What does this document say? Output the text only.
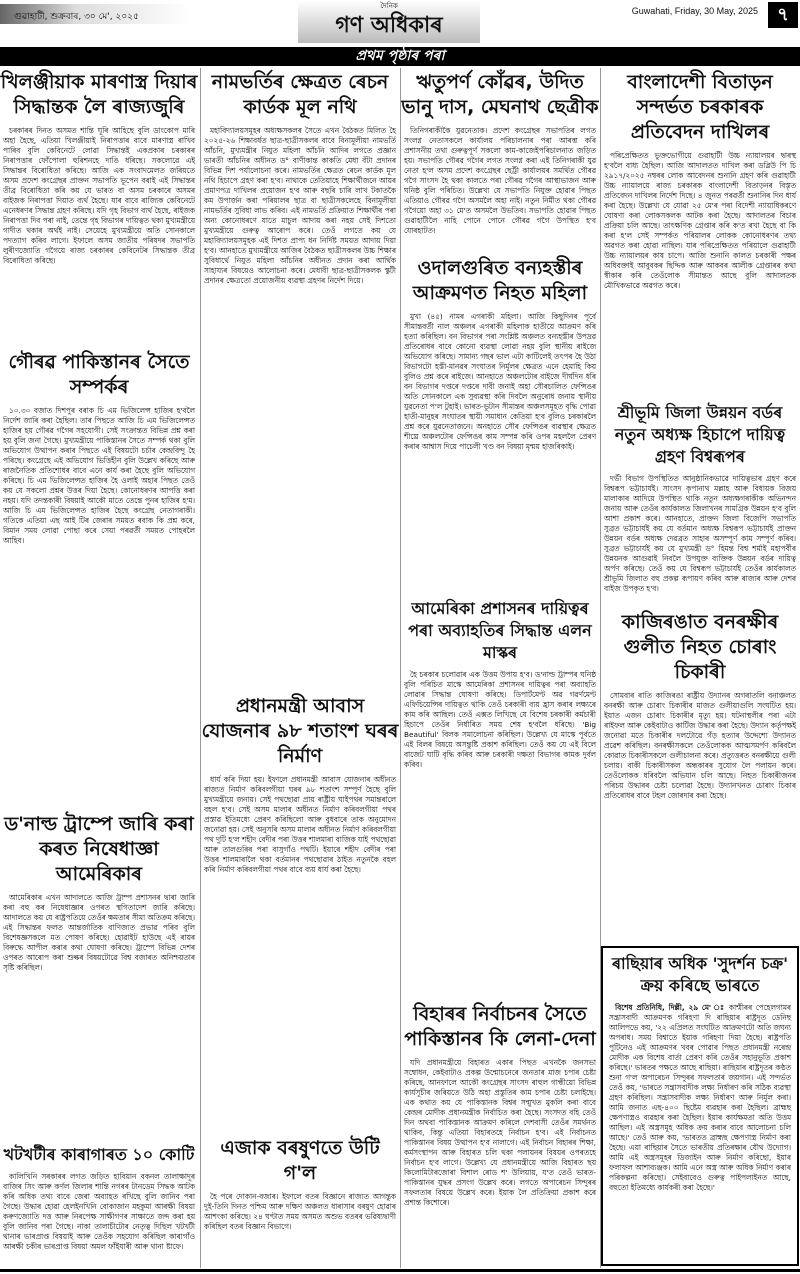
গুৱাহাটী, শুক্ৰবাৰ, ৩০ মে', ২০২৫
দৈনিক
গণ অধিকাৰ
Guwahati, Friday, 30 May, 2025	৭
প্ৰথম পৃষ্ঠাৰ পৰা
খিলঞ্জীয়াক মাৰণাস্ত্ৰ দিয়াৰ সিদ্ধান্তক লৈ ৰাজ্যজুৰি

চৰকাৰৰ দিনত অসমত শান্তি ঘূৰি আহিছে বুলি ডাংকোপ মাৰি অহা হৈছে, এতিয়া খিলঞ্জীয়াই নিৰাপত্তাৰ বাবে মাৰণাস্ত্ৰ ৰাখিব পাৰিব বুলি কেবিনেটে লোৱা সিদ্ধান্তই একপ্ৰকাৰ চৰকাৰৰ নিৰাপত্তাৰ ফোঁপোলা হুৰিশনহে দাঙি ধৰিছে। সকলোৱে এই সিদ্ধান্তৰ বিৰোধিতা কৰিছে। আজি এক সংবাদমেলত জৰিয়তে অসম প্ৰদেশ কংগ্ৰেছৰ প্ৰাক্তন সভাপতি ভূপেন বৰাই এই সিদ্ধান্তৰ তীব্ৰ বিৰোধিতা কৰি কয় যে ভাৰত বা অসম চৰকাৰে অসমৰ বাইজক নিৰাপত্তা দিয়াত ব্যৰ্থ হৈছে। যাৰ বাবে ৰাজ্যিক কেবিনেটে এনেধৰণৰ সিদ্ধান্ত গ্ৰহণ কৰিছে। যদি গৃহ বিভাগ ব্যৰ্থ হৈছে, ৰাইজক নিৰাপত্তা দিব পৰা নাই, তেন্তে গৃহ বিভাগৰ দায়িত্বত থকা মুখ্যমন্ত্ৰীয়ে গাদীত থকাৰ অৰ্থই নাই। সেয়েহে মুখ্যমন্ত্ৰীয়ে অতি সোনকালে পদত্যাগ কৰিব লাগে। ইফালে অসম জাতীয় পৰিষদৰ সভাপতি লুৰীণজ্যোতি গগৈয়ে ৰাজ্য চৰকাৰৰ কেবিনেটৰ সিদ্ধান্তক তীব্ৰ বিৰোধিতা কৰিছে।

গৌৰৱ পাকিস্তানৰ সৈতে সম্পৰ্কৰ

১০.৩০ বজাত দিশপুৰ বৰাক চি এম ভিজিলেন্স হাজিৰ হ'বলৈ নিৰ্দেশ জাৰি কৰা হৈছিল। তাৰ পিছতে আজি চি এম ভিজিলেন্সত হাজিৰ হয় গৌৰৱ গগৈৰ সহযোগী। সেই সংক্ৰান্তত বিভিন্ন প্ৰশ্ন কৰা হয় বুলি জনা গৈছে। মুখ্যমন্ত্ৰীয়ে পাকিস্তানৰ সৈতে সম্পৰ্ক থকা বুলি অভিযোগ উত্থাপন কৰাৰ পিছতে এই বিষয়টো চৰ্চাৰ কেন্দ্ৰবিন্দু হৈ পৰিছে। কংগ্ৰেছে এই অভিযোগ ভিত্তিহীন বুলি উল্লেখ কৰিছে আৰু ৰাজনৈতিক প্ৰতিশোধৰ বাবে এনে কাৰ্য কৰা হৈছে বুলি অভিযোগ কৰিছে। চি এম ভিজিলেন্সত হাজিৰ হৈ ওলাই অহাৰ পিছত তেওঁ কয় যে সকলো প্ৰশ্নৰ উত্তৰ দিয়া হৈছে। কোনোধৰণৰ আপত্তি কৰা নহয়। যদি তদন্তকাৰী বিষয়াই আকৌ মাতে তেন্তে পুনৰ হাজিৰ হ'ম। আজি চি এম ভিজিলেন্সত হাজিৰ হৈছে কংগ্ৰেছ নেতাগৰাকী। গতিকে এতিয়া এছ আই টিৰ জেৰাৰ সময়ত ৰবাক কি প্ৰশ্ন কৰে, বিমান সময় লোৱা পোছা কৰে সেয়া পৰৱৰ্তী সময়ত পোহৰলৈ আহিব।

ড'নাল্ড ট্ৰাম্পে জাৰি কৰা কৰত নিষেধাজ্ঞা আমেৰিকাৰ

আমেৰিকাৰ এখন আদালতে আজি ট্ৰাম্প প্ৰশাসনৰ দ্বাৰা জাৰি কৰা বহু কৰ নিষেধাজ্ঞাৰ ওপৰত স্থগিতাদেশ জাৰি কৰিছে। আদালতে কয় যে ৰাষ্ট্ৰপতিয়ে তেওঁৰ ক্ষমতাৰ সীমা অতিক্ৰম কৰিছে। এই সিদ্ধান্তৰ ফলত আন্তৰ্জাতিক বাণিজ্যত প্ৰভাৱ পৰিব বুলি বিশেষজ্ঞসকলে মত পোষণ কৰিছে। হোৱাইট হাউছে এই ৰায়ৰ বিৰুদ্ধে আপীল কৰাৰ কথা ঘোষণা কৰিছে। ট্ৰাম্পে বিভিন্ন দেশৰ ওপৰত আৰোপ কৰা শুল্কৰ বিষয়টোৱে বিশ্ব বজাৰত অনিশ্চয়তাৰ সৃষ্টি কৰিছিল।

খটখটীৰ কাৰাগাৰত ১০ কোটি

কালিখিনি সৰকাৰৰ লগত জড়িত হাবিয়ান বকনল তালাক্ষাদূৰ বাজিৰ সিং আৰু কৰ্ণল জিলাৰ শান্তি নগৰৰ টানডেম সিদ্ধক আটক কৰি অধিক তথ্য বাবে জেৰা অব্যাহত ৰখিছে বুলি জানিব পৰা গৈছে। উদ্ধাৰ হোৱা হেলইনখিনি বোকাজান মহকুমা আৰক্ষী বিষয়া কৰুণজ্যোতি দত্ত আৰু নিৰপেক্ষ সাক্ষীগণৰ সাক্ষাতে জব্দ কৰা হয় বুলি জানিব পৰা গৈছে। নাকা তালাচীটোৰ নেতৃত্ব দিছিল খটখটী থানাৰ ভাৰপ্ৰাপ্ত বিষয়াই আৰু তেওঁক সহযোগ কৰিছিল কাৰাগাঁও আৰক্ষী চকীৰ ভাৰপ্ৰাপ্ত বিষয়া অমল ফাঁইযাৰী আৰু থানা ষ্টাফে।

নামভৰ্তিৰ ক্ষেত্ৰত ৰেচন কাৰ্ডক মূল নথি

মহাবিদ্যালয়সমূহৰ অধ্যক্ষসকলৰ সৈতে এখন বৈঠকত মিলিত হৈ ২০২৫-২৬ শিক্ষাবৰ্ষত ছাত্ৰ-ছাত্ৰীসকলৰ বাবে বিনামূলীয়া নামভৰ্তি আঁচনি, মুখ্যমন্ত্ৰীৰ নিযুত মহিলা আঁচনি আদিৰ লগতে প্ৰজ্ঞান ভাৰতী আঁচনিৰ অধীনত ড° বাণীকান্ত কাকতি মেধা বঁটা প্ৰদানৰ বিভিন্ন দিশ পৰ্যালোচনা কৰে। নামভৰ্তিৰ ক্ষেত্ৰত ৰেচন কাৰ্ডক মূল নথি হিচাপে গ্ৰহণ কৰা হ'ব। নাথাকে তেতিয়াহে শিক্ষাৰ্থীজনে আয়ৰ প্ৰমাণপত্ৰ দাখিলৰ প্ৰয়োজন হ'ব আৰু বছৰি চাৰি লাখ টকাতকৈ কম উপাৰ্জন কৰা পৰিয়ালৰ ছাত্ৰ বা ছাত্ৰীসকলেহে বিনামূলীয়া নামভৰ্তিৰ সুবিধা লাভ কৰিব। এই নামভৰ্তি প্ৰক্ৰিয়াত শিক্ষাৰ্থীৰ পৰা অন্য কোনোধৰণে যাতে মাচুল আদায় কৰা নহয় সেই দিশতো মুখ্যমন্ত্ৰীয়ে গুৰুত্ব আৰোপ কৰে। তেওঁ লগতে কয় যে মহাবিদ্যালয়সমূহক এই দিশত প্ৰাপ্য ধন নিৰ্দিষ্ট সময়ত আদায় দিয়া হ'ব। আনহাতে মুখ্যমন্ত্ৰীয়ে আজিৰ বৈঠকত ছাত্ৰীসকলৰ উচ্চ শিক্ষাৰ সুবিধাৰ্থে নিযুত মহিলা আঁচনিৰ অধীনত প্ৰদান কৰা আৰ্থিক সাহায্যৰ বিষয়েও আলোচনা কৰে। মেধাবী ছাত্ৰ-ছাত্ৰীসকলক স্কুটী প্ৰদানৰ ক্ষেত্ৰতো প্ৰয়োজনীয় ব্যৱস্থা গ্ৰহণৰ নিৰ্দেশ দিয়ে।

প্ৰধানমন্ত্ৰী আবাস যোজনাৰ ৯৮ শতাংশ ঘৰৰ নিৰ্মাণ

ধাৰ্য কৰি দিয়া হয়। ইফালে প্ৰধানমন্ত্ৰী আবাস যোজনাৰ অধীনত ৰাজ্যত নিৰ্মাণ কৰিবলগীয়া ঘৰৰ ৯৮ শতাংশ সম্পূৰ্ণ হৈছে বুলি মুখ্যমন্ত্ৰীয়ে জনায়। সেই পথছোৱা প্ৰায় ৰাষ্ট্ৰীয় ঘাইপথৰ সমান্তৰালে বহল হ'ব। সেই অসম মালাৰ অধীনত নিৰ্মাণ কৰিবলগীয়া পথৰ প্ৰস্তাৱ ইতিমধ্যে প্ৰেৰণ কৰিছিলো আৰু বুধবাৰে তাক অনুমোদন জনোৱা হয়। সেই অনুসৰি অসম মালাৰ অধীনত নিৰ্মাণ কৰিবলগীয়া পথ দুটি হ'ল শহীদ বেদীৰ পৰা উত্তৰ শালমাৰা বাজিক যাই পথছোৱা আৰু তালগুৰিৰ পৰা বাসুগাঁও পথটি। ইয়াৰে শহীদ বেদীৰ পৰা উত্তৰ শালমাৰালৈ থকা বৰ্তমানৰ পথছোৱাৰ ঠাইত নতুনকৈ বহল কৰি নিৰ্মাণ কৰিবলগীয়া পথৰ বাবে ব্যয় ধাৰ্য কৰা হৈছে।

এজাক বৰষুণতে উটি গ'ল

হৈ পৰে দোকান-বজাৰ। ইফালে বতৰ বিজ্ঞানে ৰাজ্যত আগন্তুক দুই-তিনি দিনত পশ্চিম আৰু দক্ষিণ অঞ্চলত ধাৰাসাৰ বৰষুণ হোৱাৰ আশংকা কৰিছে। ২৪ ঘণ্টাত সময় অসমত অশুভ বতৰৰ ভৱিষ্যদ্বাণী কৰিছিল বতৰ বিজ্ঞান বিভাগে।

ঋতুপৰ্ণ কোঁৱৰ, উদিত ভানু দাস, মেঘনাথ ছেত্ৰীক

তিনিগৰাকীকৈ যুৱনেতাক। প্ৰদেশ কংগ্ৰেছৰ সভাপতিৰ লগত সংলগ্ন নেতাসকলে কাৰ্যালয় পৰিচালনাৰ পৰা আৰম্ভ কৰি প্ৰশাসনীয় তথা গুৰুত্বপূৰ্ণ সকলো কাম-কাজেইপৰিচালনাত জড়িত হয়। সভাপতি গৌৰৱ গগৈৰ লগত সংলগ্ন কৰা এই তিনিগৰাকী যুৱ নেতা হ'ল অসম প্ৰদেশ কংগ্ৰেছৰ ছেট্ৰী কাৰ্যালয়ৰ সমৰ্থিত গৌৰৱ গগৈ সাংসদ হৈ থকা কালতে পৰা গৌৰৱ গগৈৰ আস্থাভাজন আৰু ঘনিষ্ঠ বুলি পৰিচিত। উল্লেখ্য যে সভাপতি নিযুক্ত হোৱাৰ পিছত এতিয়াও গৌৰৱ গগৈ অসমলৈ অহা নাই। নতুন নিৰ্মীত থকা গৌৰৱ গগৈয়ো অহা ৩১ মে'ত অসমলৈ উভতিব। সভাপতি হোৱাৰ পিছত গুৱাহাটীলৈ নাহি পোনে পোনে গৌৰৱ গগৈ উপস্থিত হ'ব যোৰহাটত।

ওদালগুৰিত বন্যহস্তীৰ আক্ৰমণত নিহত মহিলা

মুখা (৪৫) নামৰ এগৰাকী মহিলা। আজি কিছুদিনৰ পূৰ্বে সীমান্তবৰ্তী নাল অঞ্চলৰ এগৰাকী মহিলাক হাতীয়ে আক্ৰমণ কৰি হত্যা কৰিছিল। বন বিভাগৰ পৰা সংশ্লিষ্ট অঞ্চলত বন্যহস্তীৰ উপদ্ৰৱ প্ৰতিৰোধৰ বাবে কোনো ব্যৱস্থা লোৱা নহয় বুলি স্থানীয় ৰাইজে অভিযোগ কৰিছে। সামান্য গছৰ ভাল এটা কাটিলেই তৎপৰ হৈ উঠা বিভাগটো হস্তী-মানৱৰ সংঘাতৰ নিৰ্মূলৰ ক্ষেত্ৰত এনে হেমাহি কিয় বুলিও প্ৰশ্ন কৰে ৰাইজে। আনহাতে অঞ্চলটোৰ বাইজে দীৰ্ঘদিন ধৰি বন বিভাগৰ দপ্তৰে দপ্তৰে দাবী জনাই অহা সৌৰচালিত ফেন্সিঙৰ অতি সোনকালে এক সুব্যৱস্থা কৰি দিবলৈ অনুৰোধ জনায় স্থানীয় যুৱনেতা প'ল টুহাই। ভাৰত-ভূটান সীমান্তৰ অঞ্চলসমূহত বৃদ্ধি পোৱা হাতী-মানুহৰ সংঘাতৰ স্থায়ী সমাধান কেতিয়া হ'ব বুলিও চৰকাৰলৈ প্ৰশ্ন কৰে যুৱনেতাজনে। অনহাতে সৌৰ ফেন্সিঙৰ ব্যৱস্থাৰ ক্ষেত্ৰত শীঘ্ৰে অঞ্চলটোৰ ফেন্সিঙৰ কাম সম্পন্ন কৰি ওপৰ মহললৈ প্ৰেৰণ কৰাৰ আশ্বাস দিয়ে পাচেলী খণ্ড বন বিষয়া মৃন্ময় হাজৰিকাই।

আমেৰিকা প্ৰশাসনৰ দায়িত্বৰ পৰা অব্যাহতিৰ সিদ্ধান্ত এলন মাস্কৰ

হৈ চৰকাৰ চলোৱাৰ এক উত্তম উপায় হ'ব। ড'নাল্ড ট্ৰাম্পৰ ঘনিষ্ঠ বুলি পৰিচিত মাস্কে আমেৰিকা প্ৰশাসনৰ দায়িত্বৰ পৰা অব্যাহতি লোৱাৰ সিদ্ধান্ত ঘোষণা কৰিছে। ডিপাৰ্টমেণ্ট অৱ গৱৰ্ণমেণ্ট এফিচিয়েন্সিৰ দায়িত্বত থাকি তেওঁ চৰকাৰী ব্যয় হ্ৰাস কৰাৰ লক্ষ্যৰে কাম কৰি আছিল। তেওঁ এক্সত লিখিছে যে বিশেষ চৰকাৰী কৰ্মচাৰী হিচাপে তেওঁৰ নিৰ্ধাৰিত সময় শেষ হ'বলৈ ধৰিছে। 'Big Beautiful' বিলক সমালোচনা কৰিছিল। উল্লেখ্য যে মাস্কে পূৰ্বতে এই বিলৰ বিষয়ে অসন্তুষ্টি প্ৰকাশ কৰিছিল। তেওঁ কয় যে এই বিলে বাজেট ঘাটি বৃদ্ধি কৰিব আৰু চৰকাৰী দক্ষতা বিভাগৰ কামক দুৰ্বল কৰিব।

বিহাৰৰ নিৰ্বাচনৰ সৈতে পাকিস্তানৰ কি লেনা-দেনা

যদি প্ৰধানমন্ত্ৰীয়ে বিহাৰত একাৰ পিছত এখনকৈ জনসভা সম্বোধন, কেইবাটাও প্ৰকল্প উন্মোচনেৰে জনতাৰ মাজ চপাৰ চেষ্টা কৰিছে, আনফালে আকৌ কংগ্ৰেছৰ সাংসদ ৰাহুল গান্ধীয়ো বিভিন্ন কাৰ্যসূচীৰ জৰিয়তে উঠি অহা প্ৰস্তুতিৰ কাম চপাৰ চেষ্টা চলাইছে। এক কথাত কয় যে পাকিস্তানক বিশ্বৰ সন্মুখত মুকলি কৰা বাবে কেন্দ্ৰৰ মোদীক প্ৰধানমন্ত্ৰীক নিৰ্বাচিত কৰা হৈছে। সংসদত বহি তেওঁ দিন অথবা পাকিস্তানক আক্ৰমণ কৰিলে দেশবাসী তেওঁৰ সমৰ্থনত থাকিব, কিন্তু এতিয়া বিহাৰতহে নিৰ্বাচন হ'ব। এই নিৰ্বাচনত পাকিস্তানৰ বিষয় উত্থাপন হ'ব নালাগে। এই নিৰ্বাচন বিহাৰৰ শিক্ষা, কৰ্মসংস্থাপন আৰু বিহাৰত চলি থকা পলায়নৰ বিষয়ৰ ওপৰতহে নিৰ্বাচন হ'ব লাগে। উল্লেখ্য যে প্ৰধানমন্ত্ৰীয়ে আজি বিহাৰত ছয় কিলোমিটাৰজোৰা বিশাল ৰোড শ' উলিয়ায়, য'ত তেওঁ ভাৰত-পাকিস্তানৰ যুদ্ধৰ প্ৰসংগ উল্লেখ কৰে। লগতে অপাৰেচন সিন্দুৰৰ সফলতাৰ বিষয়ে উল্লেখ কৰে। ইয়াক লৈ প্ৰতিক্ৰিয়া প্ৰকাশ কৰে প্ৰশান্ত কিশোৰে।

বাংলাদেশী বিতাড়ন সন্দৰ্ভত চৰকাৰক প্ৰতিবেদন দাখিলৰ

পৰিপ্ৰেক্ষিতত ভুক্তভোগীয়ে গুৱাহাটী উচ্চ ন্যায়ালয়ৰ দ্বাৰস্থ হ'বলৈ বাধ্য হৈছিল। আজি আদালতত দাখিল কৰা ডব্লিউ পি চি ২৯১৭/২০২৫ নম্বৰৰ লোক আবেদনৰ শুনানি গ্ৰহণ কৰি গুৱাহাটী উচ্চ ন্যায়ালয়ে ৰাজ্য চৰকাৰক বাংলাদেশী বিতাড়নৰ বিস্তৃত প্ৰতিবেদন দাখিলৰ নিৰ্দেশ দিছে। ৪ জুনত পৰৱৰ্তী শুনানিৰ দিন ধাৰ্য কৰা হৈছে। উল্লেখ্য যে যোৱা ২৫ মে'ৰ পৰা বিদেশী ন্যায়াধিকৰণে ঘোষণা কৰা লোকসকলক আটক কৰা হৈছে। আদালতৰ বিচাৰ প্ৰক্ৰিয়া চলি আছে। তাৎক্ষণিক গ্ৰেপ্তাৰ কৰি ক'ত ৰখা হৈছে বা কি কৰা হ'ল সেই সম্পৰ্কত পৰিয়ালৰ লোকক কোনোধৰণৰ তথ্য অৱগত কৰা হোৱা নাছিল। যাৰ পৰিপ্ৰেক্ষিতত পৰিয়ালে গুৱাহাটী উচ্চ ন্যায়ালয়ৰ কাষ চাপে। আজি শুনানি কালত চৰকাৰী পক্ষৰ অধিবক্তাই আবুবকৰ ছিদ্দিক আৰু আকবৰ আলীক গ্ৰেপ্তাৰৰ কথা স্বীকাৰ কৰি তেওঁলোক সীমান্তত আছে বুলি আদালতক মৌখিকভাৱে অৱগত কৰে।

শ্ৰীভূমি জিলা উন্নয়ন বৰ্ডৰ নতুন অধ্যক্ষ হিচাপে দায়িত্ব গ্ৰহণ বিশ্বৰূপৰ

দৰ্ভী বিভাগ উপস্থিতিত আনুষ্ঠানিকভাৱে দায়িত্বভাৰ গ্ৰহণ কৰে বিশ্বৰূপ ভট্টাচাৰ্যই। সাংসদ কৃপানাথ মল্লাহ আৰু বিধায়ক বিজয় মালাকাৰ আদিয়ে উপস্থিত থাকি নতুন অধ্যক্ষগৰাকীক অভিনন্দন জনায় আৰু তেওঁৰ কাৰ্যকালত জিলাখনৰ সামগ্ৰিক উন্নয়ন হ'ব বুলি আশা প্ৰকাশ কৰে। আনহাতে, প্ৰাক্তন জিলা বিজেপি সভাপতি সুব্ৰত ভট্টাচাৰ্যই কয় যে বৰ্তমান অধ্যক্ষ বিশ্বৰূপ ভট্টাচাৰ্যই প্ৰাক্তন উন্নয়ন বৰ্ডৰ অধ্যক্ষ দেৱব্ৰত সাহাৰ অসম্পূৰ্ণ কাম সম্পূৰ্ণ কৰিব। সুব্ৰত ভট্টাচাৰ্যই কয় যে মুখ্যমন্ত্ৰী ড° হিমন্ত বিশ্ব শৰ্মাই মহাপৰ্বীৰ উন্নয়নক আগুৱাই নিবলৈ উপযুক্ত ব্যক্তিক উন্নয়ন বৰ্ডৰ দায়িত্ব অৰ্পণ কৰিছে। তেওঁ কয় যে বিশ্বৰূপ ভট্টাচাৰ্যই তেওঁৰ কাৰ্যকালত শ্ৰীভূমি জিলাত বহু প্ৰকল্প ৰূপায়ণ কৰিব আৰু ৰাজ্যৰ আৰু দেশৰ বাইজ উপকৃত হ'ব।

কাজিৰঙাত বনৰক্ষীৰ গুলীত নিহত চোৰাং চিকাৰী

সোমবাৰ ৰাতি কাজিৰঙা ৰাষ্ট্ৰীয় উদ্যানৰ অগৰাতলি বনাঞ্চলত বনৰক্ষী আৰু চোৰাং চিকাৰীৰ মাজত গুলীয়াগুলি সংঘটিত হয়। ইয়াত এজন চোৰাং চিকাৰীৰ মৃত্যু হয়। ঘটনাস্থলীৰ পৰা এটা ৰাইফল আৰু কেইবাটাও কাৰ্টিজ উদ্ধাৰ কৰা হৈছে। উদ্যান কৰ্তৃপক্ষই জনোৱা মতে চিকাৰীৰ দলটোৱে গঁড় হত্যাৰ উদ্দেশ্যে উদ্যানত প্ৰৱেশ কৰিছিল। বনৰক্ষীসকলে তেওঁলোকক আত্মসমৰ্পণ কৰিবলৈ কোৱাত চিকাৰীসকলে গুলীচালনা কৰে। প্ৰত্যুত্তৰত বনৰক্ষীয়ে গুলী চলায়। বাকী চিকাৰীসকল অন্ধকাৰৰ সুযোগ লৈ পলায়ন কৰে। তেওঁলোকক ধৰিবলৈ অভিযান চলি আছে। নিহত চিকাৰীজনৰ পৰিচয় উদ্ধাৰৰ চেষ্টা চলোৱা হৈছে। উদ্যানখনত চোৰাং চিকাৰ প্ৰতিৰোধৰ বাবে টহল জোৰদাৰ কৰা হৈছে।

ৰাছিয়াৰ অধিক 'সুদৰ্শন চক্ৰ' ক্ৰয় কৰিছে ভাৰতে

বিশেষ প্ৰতিনিধি, দিল্লী, ২৯ মে' ঃ কাশ্মীৰৰ পেহেলগামৰ সন্ত্ৰাসবাদী আক্ৰমণক গৰিহণা দি ৰাছিয়াৰ ৰাষ্ট্ৰদূত ডেনিছ আলিপভে কয়, '২২ এপ্ৰিলত সংঘটিত আক্ৰমণটো অতি জঘন্য অপৰাধ। সময় বিশ্বাতে ইয়াক গৰিহণা দিয়া হৈছে। ৰাষ্ট্ৰপতি পুটিনেও এই আক্ৰমণৰ খবৰ পোৱাৰ পিছত প্ৰধানমন্ত্ৰী নৰেন্দ্ৰ মোদীক এক বিশেষ বাৰ্তা প্ৰেৰণ কৰি তেওঁৰ সহানুভূতি প্ৰকাশ কৰিছে।' ভাৰতৰ পক্ষতে আছে ৰাছিয়া। ৰাছিয়াৰ ৰাষ্ট্ৰদূতৰ কণ্ঠত শুনা গ'ল অপাৰেচন সিন্দুৰৰ সফলতাৰ জয়গান। এই সন্দৰ্ভত তেওঁ কয়, 'ভাৰতে সন্ত্ৰাসবাদীক লক্ষ্য নিৰ্ধাৰণ কৰি সঠিক ব্যৱস্থা গ্ৰহণ কৰিছিল। সন্ত্ৰাসবাদীক লক্ষ্য নিৰ্ধাৰণ আৰু নিৰ্মূল কৰা। আমি জনাত এছ-৪০০ ছিষ্টেম ব্যৱহাৰ কৰা হৈছিল। ব্ৰাহ্মছ ক্ষেপণাস্ত্ৰও ব্যৱহাৰ কৰা হৈছিল। ইয়াৰ কাৰ্যক্ষমতা অতি উত্তম আছিল। এই অস্ত্ৰসমূহ অধিক ক্ৰয় কৰাৰ বাবে আলোচনা চলি আছে।' তেওঁ আৰু কয়, 'ভাৰতত ব্ৰাহ্মছ ক্ষেপণাস্ত্ৰ নিৰ্মাণ কৰা হৈছে। এয়া ৰাছিয়াৰ সৈতে ভাৰতীয় প্ৰতিৰক্ষাৰ যৌথ উদ্যোগ। আমি এই অস্ত্ৰসমূহৰ ডিজাইন আৰু নিৰ্মাণ কৰিছো, ইয়াৰ ফলাফল আশাব্যঞ্জক। আমি এনে অস্ত্ৰ আৰু অধিক নিৰ্মাণ কৰাৰ পৰিকল্পনা কৰিছো। সেইবাবেও গুৰুত্ব পাইপলাইনত আছে, বহুতো ইতিমধ্যে কাৰ্যকৰী কৰা হৈছে।'
